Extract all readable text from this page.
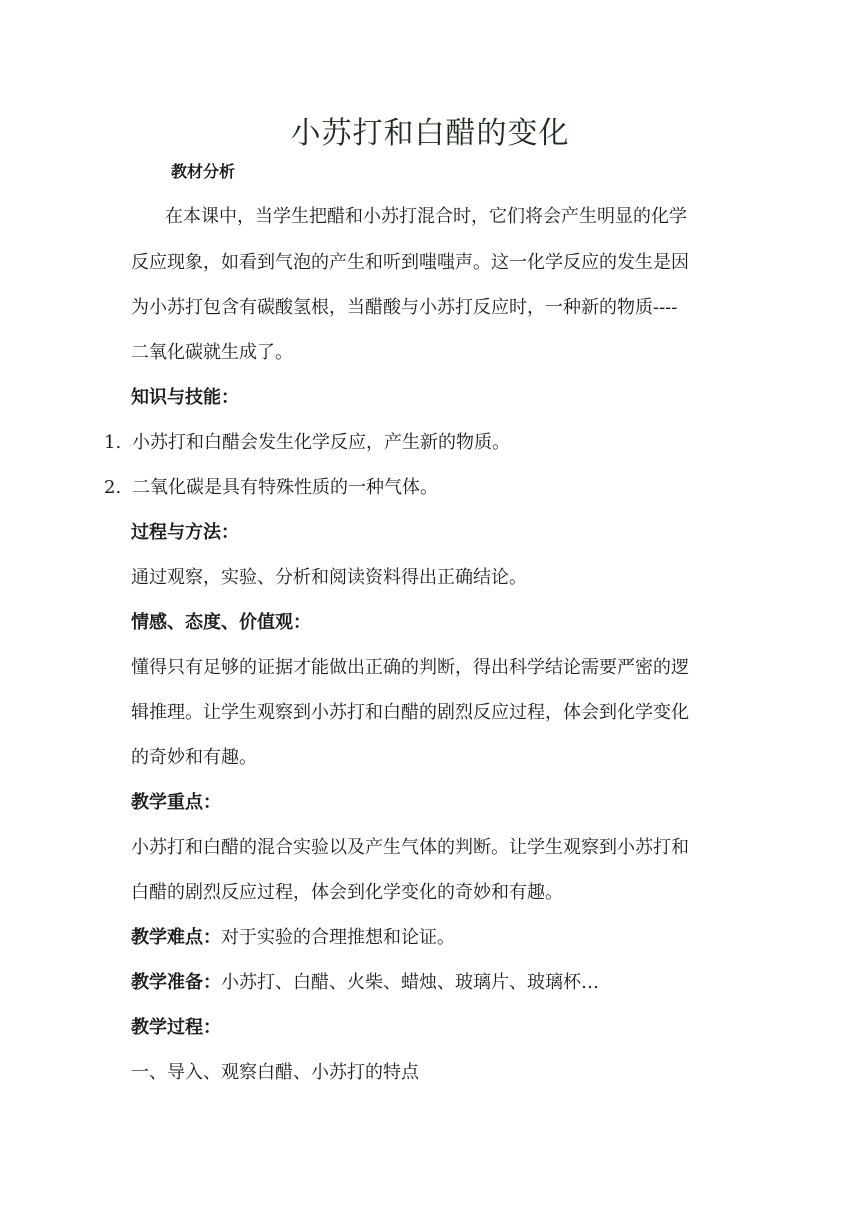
小苏打和白醋的变化
教材分析
在本课中，当学生把醋和小苏打混合时，它们将会产生明显的化学
反应现象，如看到气泡的产生和听到嗤嗤声。这一化学反应的发生是因
为小苏打包含有碳酸氢根，当醋酸与小苏打反应时，一种新的物质----
二氧化碳就生成了。
知识与技能：
1. 小苏打和白醋会发生化学反应，产生新的物质。
2. 二氧化碳是具有特殊性质的一种气体。
过程与方法：
通过观察，实验、分析和阅读资料得出正确结论。
情感、态度、价值观：
懂得只有足够的证据才能做出正确的判断，得出科学结论需要严密的逻
辑推理。让学生观察到小苏打和白醋的剧烈反应过程，体会到化学变化
的奇妙和有趣。
教学重点：
小苏打和白醋的混合实验以及产生气体的判断。让学生观察到小苏打和
白醋的剧烈反应过程，体会到化学变化的奇妙和有趣。
教学难点：对于实验的合理推想和论证。
教学准备：小苏打、白醋、火柴、蜡烛、玻璃片、玻璃杯…
教学过程：
一、导入、观察白醋、小苏打的特点
